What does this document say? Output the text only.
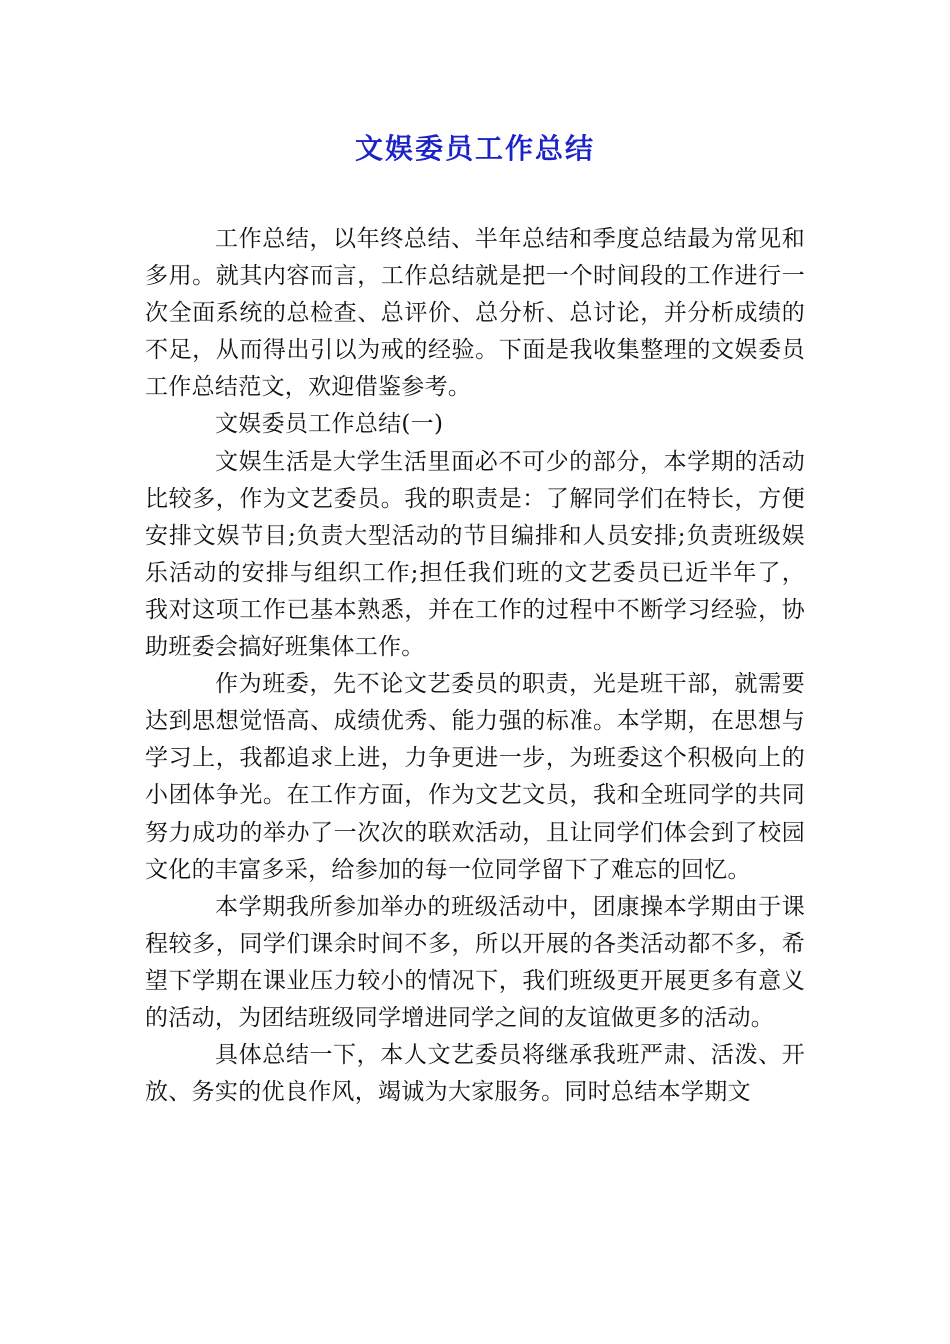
文娱委员工作总结

工作总结，以年终总结、半年总结和季度总结最为常见和多用。就其内容而言，工作总结就是把一个时间段的工作进行一次全面系统的总检查、总评价、总分析、总讨论，并分析成绩的不足，从而得出引以为戒的经验。下面是我收集整理的文娱委员工作总结范文，欢迎借鉴参考。

文娱委员工作总结(一)

文娱生活是大学生活里面必不可少的部分，本学期的活动比较多，作为文艺委员。我的职责是：了解同学们在特长，方便安排文娱节目;负责大型活动的节目编排和人员安排;负责班级娱乐活动的安排与组织工作;担任我们班的文艺委员已近半年了，我对这项工作已基本熟悉，并在工作的过程中不断学习经验，协助班委会搞好班集体工作。

作为班委，先不论文艺委员的职责，光是班干部，就需要达到思想觉悟高、成绩优秀、能力强的标准。本学期，在思想与学习上，我都追求上进，力争更进一步，为班委这个积极向上的小团体争光。在工作方面，作为文艺文员，我和全班同学的共同努力成功的举办了一次次的联欢活动，且让同学们体会到了校园文化的丰富多采，给参加的每一位同学留下了难忘的回忆。

本学期我所参加举办的班级活动中，团康操本学期由于课程较多，同学们课余时间不多，所以开展的各类活动都不多，希望下学期在课业压力较小的情况下，我们班级更开展更多有意义的活动，为团结班级同学增进同学之间的友谊做更多的活动。

具体总结一下，本人文艺委员将继承我班严肃、活泼、开放、务实的优良作风，竭诚为大家服务。同时总结本学期文
